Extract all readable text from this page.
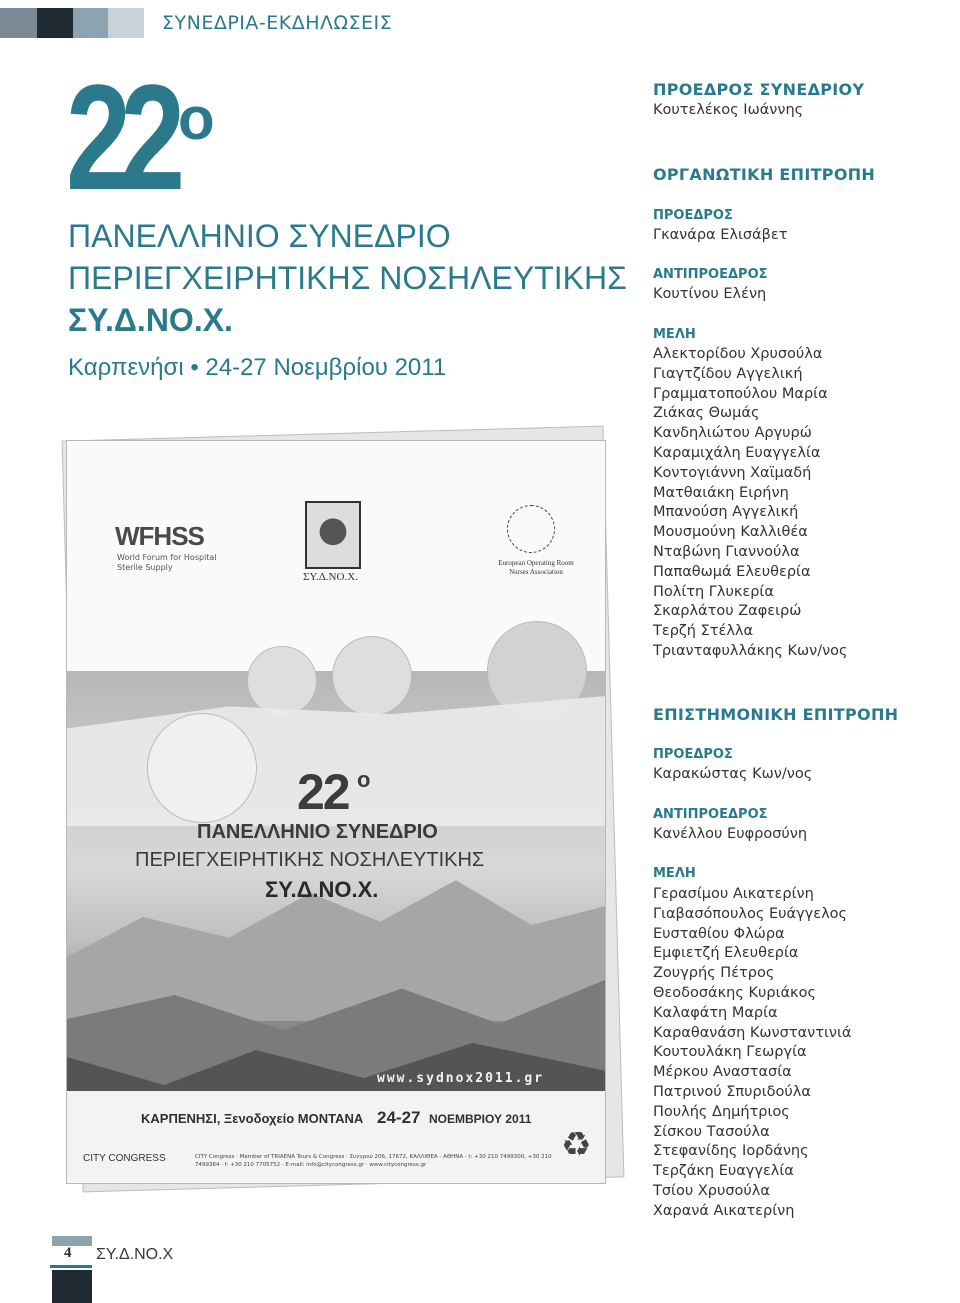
ΣΥΝΕΔΡΙΑ-ΕΚΔΗΛΩΣΕΙΣ
22 ο
ΠΑΝΕΛΛΗΝΙΟ ΣΥΝΕΔΡΙΟ
ΠΕΡΙΕΓΧΕΙΡΗΤΙΚΗΣ ΝΟΣΗΛΕΥΤΙΚΗΣ
ΣΥ.Δ.ΝΟ.Χ.
Καρπενήσι • 24-27 Νοεμβρίου 2011
WFHSS
World Forum for Hospital Sterile Supply
ΣΥ.Δ.ΝΟ.Χ.
European Operating Room Nurses Association
22 ο
ΠΑΝΕΛΛΗΝΙΟ ΣΥΝΕΔΡΙΟ
ΠΕΡΙΕΓΧΕΙΡΗΤΙΚΗΣ ΝΟΣΗΛΕΥΤΙΚΗΣ
ΣΥ.Δ.ΝΟ.Χ.
www.sydnox2011.gr
ΚΑΡΠΕΝΗΣΙ, Ξενοδοχείο ΜΟΝΤΑΝΑ 24-27 ΝΟΕΜΒΡΙΟΥ 2011
CITY CONGRESS	CITY Congress · Member of TRIAENA Tours & Congress · Συγγρού 206, 17672, ΚΑΛΛΙΘΕΑ - ΑΘΗΝΑ · t: +30 210 7499300, +30 210 7499364 · f: +30 210 7705752 · E-mail: info@citycongress.gr · www.citycongress.gr	♻
ΠΡΟΕΔΡΟΣ ΣΥΝΕΔΡΙΟΥ
Κουτελέκος Ιωάννης
ΟΡΓΑΝΩΤΙΚΗ ΕΠΙΤΡΟΠΗ
ΠΡΟΕΔΡΟΣ
Γκανάρα Ελισάβετ
ΑΝΤΙΠΡΟΕΔΡΟΣ
Κουτίνου Ελένη
ΜΕΛΗ
Αλεκτορίδου Χρυσούλα
Γιαγτζίδου Αγγελική
Γραμματοπούλου Μαρία
Ζιάκας Θωμάς
Κανδηλιώτου Αργυρώ
Καραμιχάλη Ευαγγελία
Κοντογιάννη Χαϊμαδή
Ματθαιάκη Ειρήνη
Μπανούση Αγγελική
Μουσμούνη Καλλιθέα
Νταβώνη Γιαννούλα
Παπαθωμά Ελευθερία
Πολίτη Γλυκερία
Σκαρλάτου Ζαφειρώ
Τερζή Στέλλα
Τριανταφυλλάκης Κων/νος
ΕΠΙΣΤΗΜΟΝΙΚΗ ΕΠΙΤΡΟΠΗ
ΠΡΟΕΔΡΟΣ
Καρακώστας Κων/νος
ΑΝΤΙΠΡΟΕΔΡΟΣ
Κανέλλου Ευφροσύνη
ΜΕΛΗ
Γερασίμου Αικατερίνη
Γιαβασόπουλος Ευάγγελος
Ευσταθίου Φλώρα
Εμφιετζή Ελευθερία
Ζουγρής Πέτρος
Θεοδοσάκης Κυριάκος
Καλαφάτη Μαρία
Καραθανάση Κωνσταντινιά
Κουτουλάκη Γεωργία
Μέρκου Αναστασία
Πατρινού Σπυριδούλα
Πουλής Δημήτριος
Σίσκου Τασούλα
Στεφανίδης Ιορδάνης
Τερζάκη Ευαγγελία
Τσίου Χρυσούλα
Χαρανά Αικατερίνη
4 ΣΥ.Δ.ΝΟ.Χ
